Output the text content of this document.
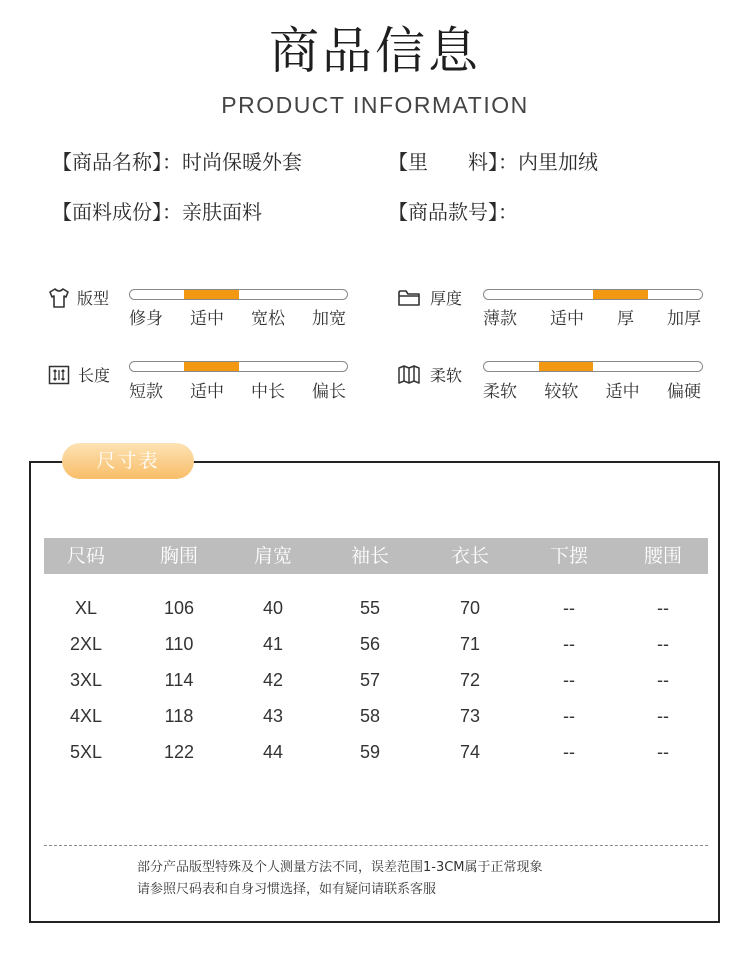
商品信息
PRODUCT INFORMATION
【商品名称】：时尚保暖外套	【里　　料】：内里加绒
【面料成份】：亲肤面料	【商品款号】：
版型
修身 适中 宽松 加宽
厚度
薄款 适中 厚 加厚
长度
短款 适中 中长 偏长
柔软
柔软 较软 适中 偏硬
尺寸表
尺码	胸围	肩宽	袖长	衣长	下摆	腰围
XL	106	40	55	70	--	--
2XL	110	41	56	71	--	--
3XL	114	42	57	72	--	--
4XL	118	43	58	73	--	--
5XL	122	44	59	74	--	--
部分产品版型特殊及个人测量方法不同，误差范围1-3CM属于正常现象
请参照尺码表和自身习惯选择，如有疑问请联系客服
